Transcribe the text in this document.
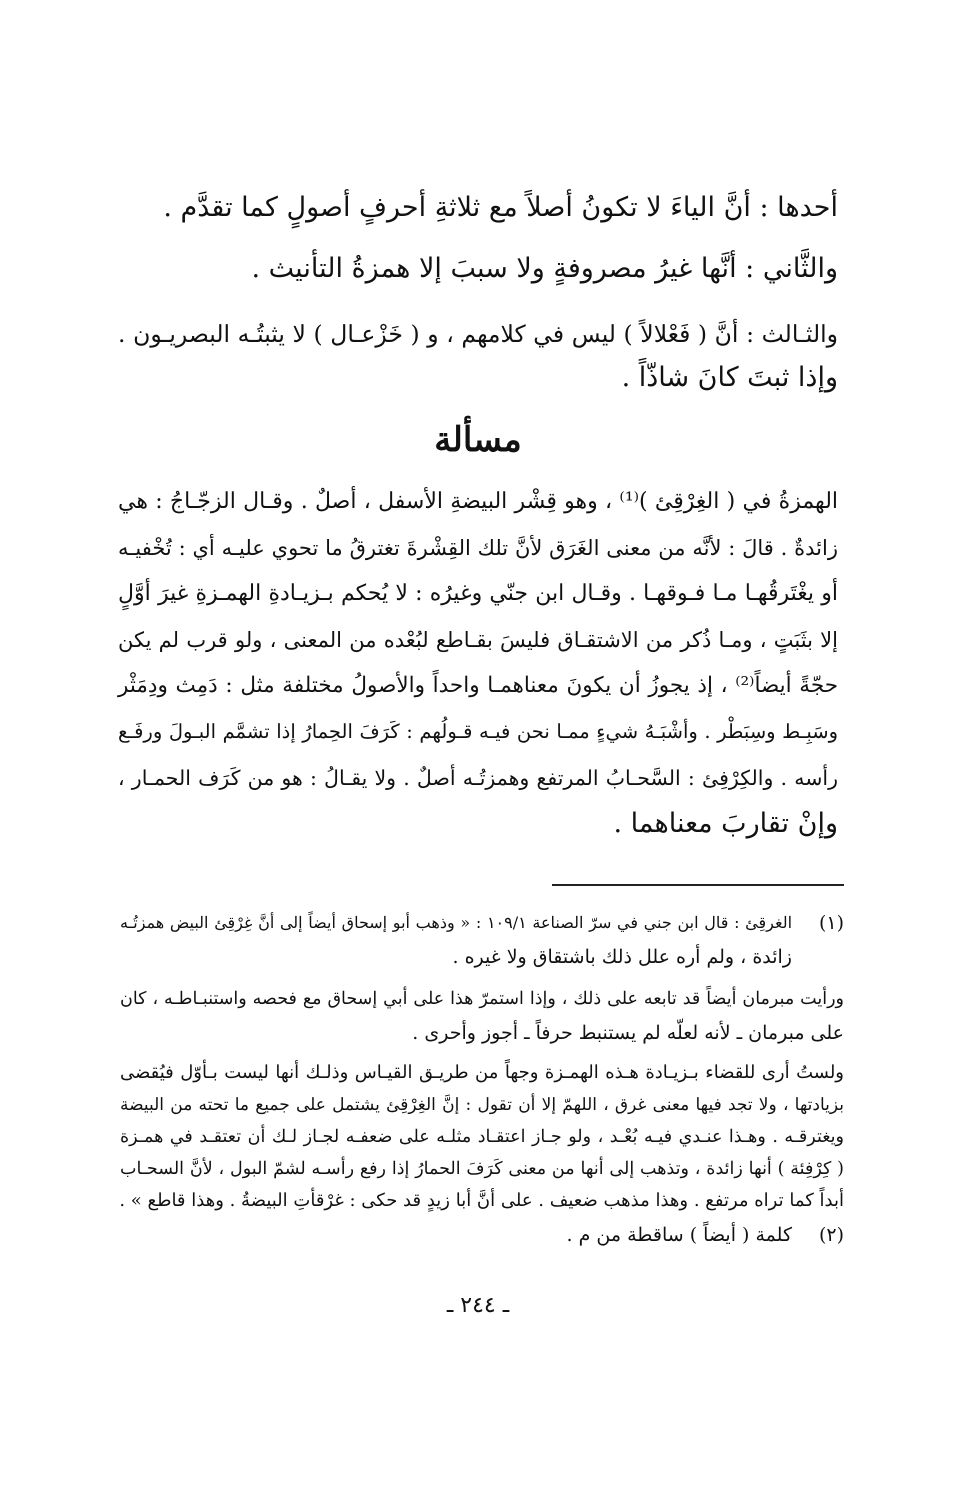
أحدها : أنَّ الياءَ لا تكونُ أصلاً مع ثلاثةِ أحرفٍ أصولٍ كما تقدَّم .
والثَّاني : أنَّها غيرُ مصروفةٍ ولا سببَ إلا همزةُ التأنيث .
والثـالث : أنَّ ( فَعْلالاً ) ليس في كلامهم ، و ( خَزْعـال ) لا يثبتُـه البصريـون .
وإذا ثبتَ كانَ شاذّاً .
مسألة
الهمزةُ في ( الغِرْقِئ )⁽¹⁾ ، وهو قِشْر البيضةِ الأسفل ، أصلٌ . وقـال الزجّـاجُ : هي
زائدةٌ . قالَ : لأنَّه من معنى الغَرَق لأنَّ تلك القِشْرةَ تغترقُ ما تحوي عليـه أي : تُخْفيـه
أو يغْتَرقُهـا مـا فـوقهـا . وقـال ابن جنّي وغيرُه : لا يُحكم بـزيـادةِ الهمـزةِ غيرَ أوَّلٍ
إلا بثَبَتٍ ، ومـا ذُكر من الاشتقـاق فليسَ بقـاطع لبُعْده من المعنى ، ولو قرب لم يكن
حجّةً أيضاً⁽²⁾ ، إذ يجوزُ أن يكونَ معناهمـا واحداً والأصولُ مختلفة مثل : دَمِث ودِمَثْر
وسَبِـط وسِبَطْر . وأشْبَـهُ شيءٍ ممـا نحن فيـه قـولُهم : كَرَفَ الحِمارُ إذا تشمَّم البـولَ ورفَـع
رأسه . والكِرْفِئ : السَّحـابُ المرتفع وهمزتُـه أصلٌ . ولا يقـالُ : هو من كَرَف الحمـار ،
وإنْ تقاربَ معناهما .
(١)
الغرقِئ : قال ابن جني في سرّ الصناعة ١٠٩/١ : « وذهب أبو إسحاق أيضاً إلى أنَّ غِرْقِئ البيض همزتُـه
زائدة ، ولم أره علل ذلك باشتقاق ولا غيره .
ورأيت مبرمان أيضاً قد تابعه على ذلك ، وإذا استمرّ هذا على أبي إسحاق مع فحصه واستنبـاطـه ، كان
على مبرمان ـ لأنه لعلّه لم يستنبط حرفاً ـ أجوز وأحرى .
ولستُ أرى للقضاء بـزيـادة هـذه الهمـزة وجهاً من طريـق القيـاس وذلـك أنها ليست بـأوّل فيُقضى
بزيادتها ، ولا تجد فيها معنى غرق ، اللهمّ إلا أن تقول : إنَّ الغِرْقِئ يشتمل على جميع ما تحته من البيضة
ويغترقـه . وهـذا عنـدي فيـه بُعْـد ، ولو جـاز اعتقـاد مثلـه على ضعفـه لجـاز لـك أن تعتقـد في همـزة
( كِرْفِئة ) أنها زائدة ، وتذهب إلى أنها من معنى كَرَفَ الحمارُ إذا رفع رأسـه لشمّ البول ، لأنَّ السحـاب
أبداً كما تراه مرتفع . وهذا مذهب ضعيف . على أنَّ أبا زيدٍ قد حكى : غرْقأتِ البيضةُ . وهذا قاطع » .
(٢)
كلمة ( أيضاً ) ساقطة من م .
ـ ٢٤٤ ـ
